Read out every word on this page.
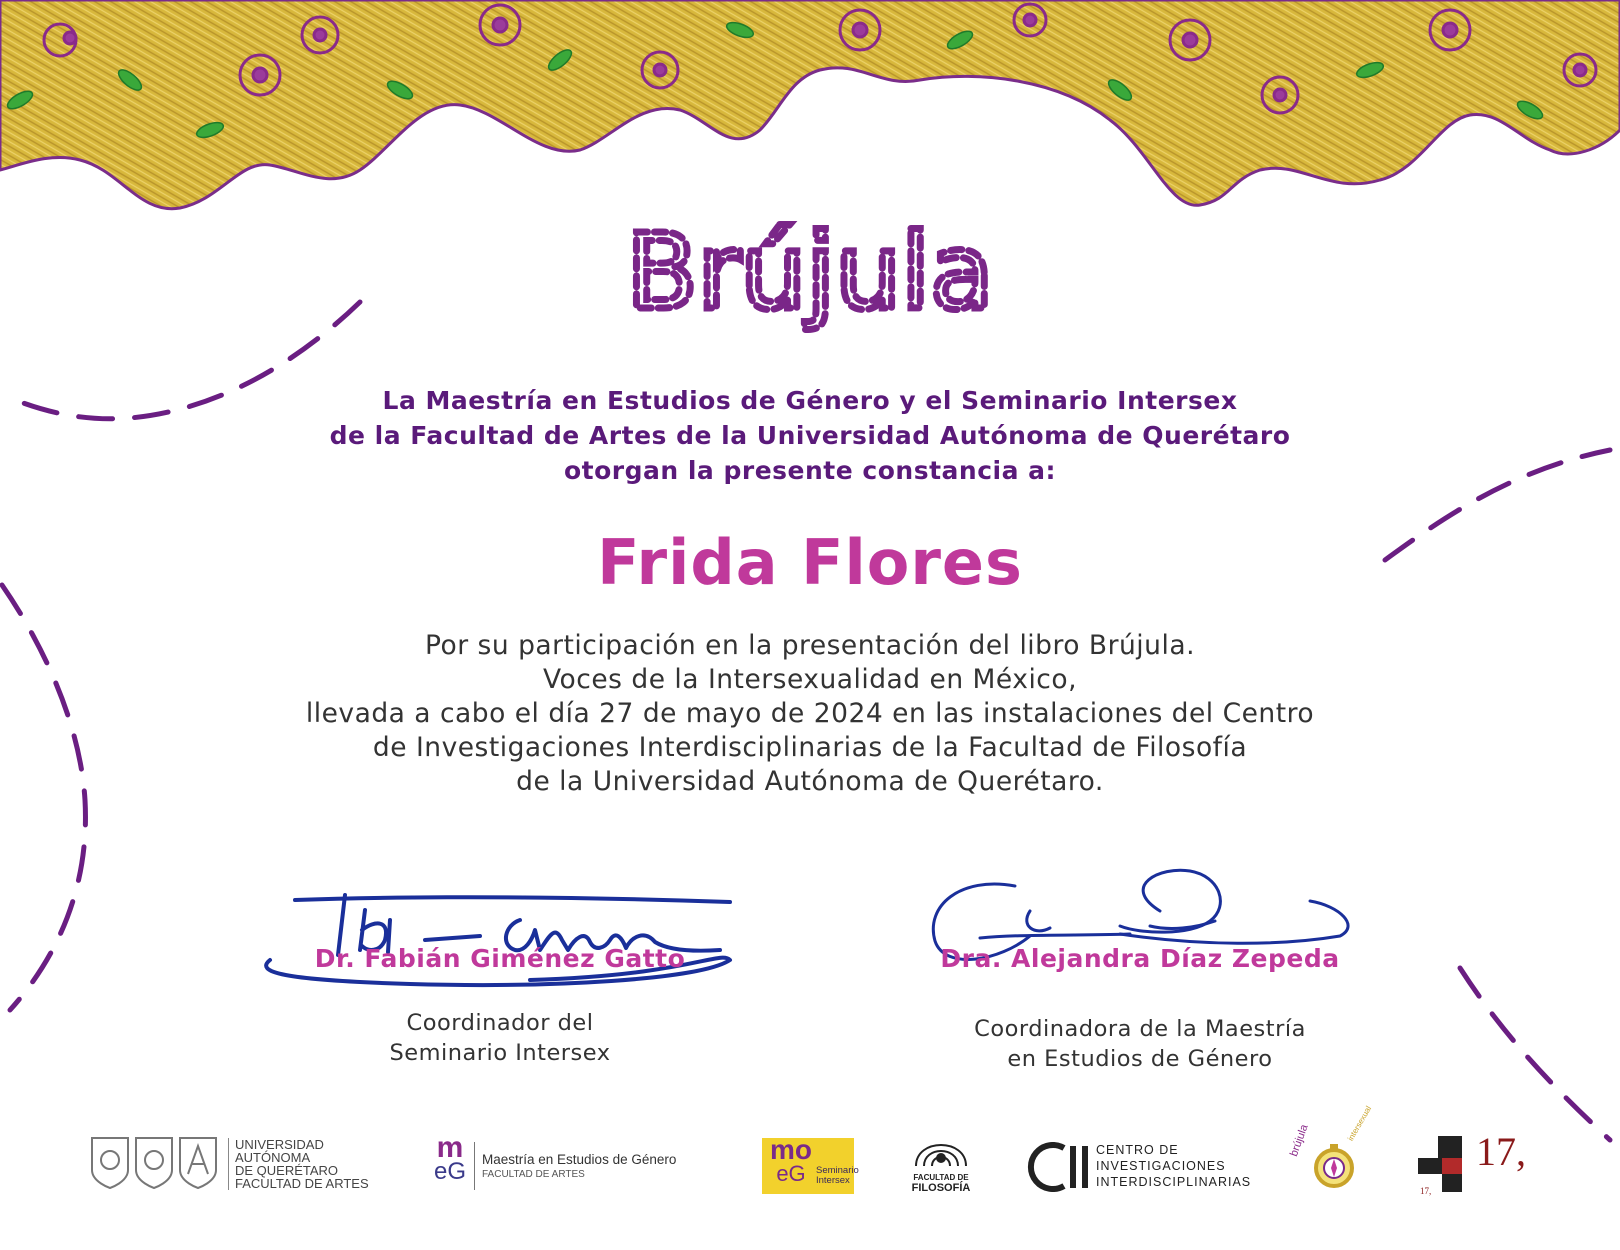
Brújula
La Maestría en Estudios de Género y el Seminario Intersex
de la Facultad de Artes de la Universidad Autónoma de Querétaro
otorgan la presente constancia a:
Frida Flores
Por su participación en la presentación del libro Brújula.
Voces de la Intersexualidad en México,
llevada a cabo el día 27 de mayo de 2024 en las instalaciones del Centro
de Investigaciones Interdisciplinarias de la Facultad de Filosofía
de la Universidad Autónoma de Querétaro.
Dr. Fabián Giménez Gatto
Coordinador del
Seminario Intersex
Dra. Alejandra Díaz Zepeda
Coordinadora de la Maestría
en Estudios de Género
UNIVERSIDAD AUTÓNOMA
DE QUERÉTARO
FACULTAD DE ARTES
m
eG Maestría en Estudios de Género
FACULTAD DE ARTES
mo
eG	Seminario
Intersex	FACULTAD DE
FILOSOFÍA
CENTRO DE
INVESTIGACIONES
INTERDISCIPLINARIAS
brújula	intersexual
17,
17,
